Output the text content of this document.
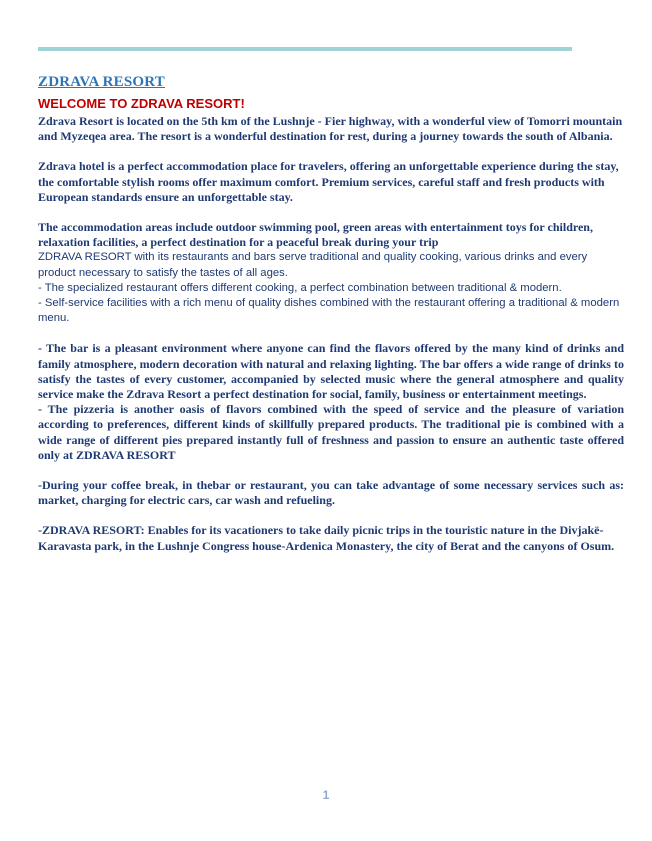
ZDRAVA RESORT
WELCOME TO ZDRAVA RESORT!

Zdrava Resort is located on the 5th km of the Lushnje - Fier highway, with a wonderful view of Tomorri mountain and Myzeqea area. The resort is a wonderful destination for rest, during a journey towards the south of Albania.

Zdrava hotel is a perfect accommodation place for travelers, offering an unforgettable experience during the stay, the comfortable stylish rooms offer maximum comfort. Premium services, careful staff and fresh products with European standards ensure an unforgettable stay.

The accommodation areas include outdoor swimming pool, green areas with entertainment toys for children, relaxation facilities, a perfect destination for a peaceful break during your trip

ZDRAVA RESORT with its restaurants and bars serve traditional and quality cooking, various drinks and every product necessary to satisfy the tastes of all ages.

- The specialized restaurant offers different cooking, a perfect combination between traditional & modern.

- Self-service facilities with a rich menu of quality dishes combined with the restaurant offering a traditional & modern menu.

- The bar is a pleasant environment where anyone can find the flavors offered by the many kind of drinks and family atmosphere, modern decoration with natural and relaxing lighting. The bar offers a wide range of drinks to satisfy the tastes of every customer, accompanied by selected music where the general atmosphere and quality service make the Zdrava Resort a perfect destination for social, family, business or entertainment meetings.

- The pizzeria is another oasis of flavors combined with the speed of service and the pleasure of variation according to preferences, different kinds of skillfully prepared products. The traditional pie is combined with a wide range of different pies prepared instantly full of freshness and passion to ensure an authentic taste offered only at ZDRAVA RESORT

-During your coffee break, in thebar or restaurant, you can take advantage of some necessary services such as: market, charging for electric cars, car wash and refueling.

-ZDRAVA RESORT: Enables for its vacationers to take daily picnic trips in the touristic nature in the Divjakë-Karavasta park, in the Lushnje Congress house-Ardenica Monastery, the city of Berat and the canyons of Osum.

1
